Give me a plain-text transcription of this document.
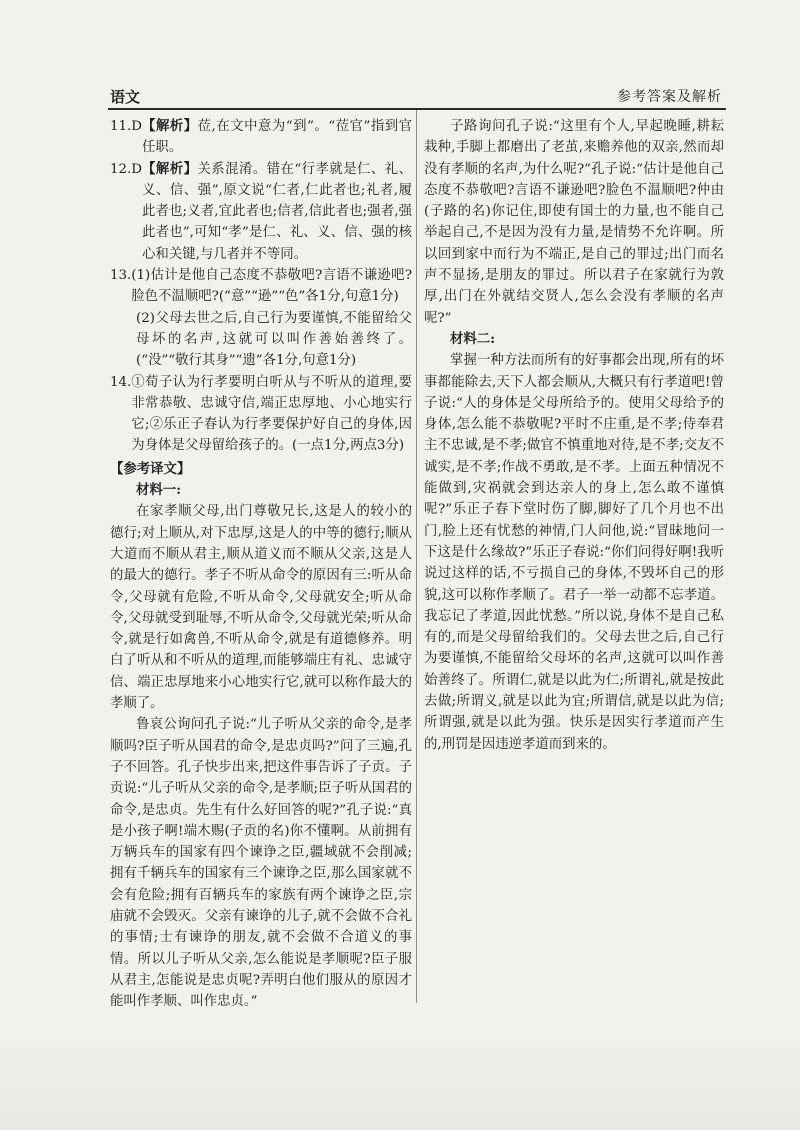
语文	参考答案及解析
11.D 【解析】莅,在文中意为“到”。“莅官”指到官任职。
12.D 【解析】关系混淆。错在“行孝就是仁、礼、义、信、强”,原文说“仁者,仁此者也;礼者,履此者也;义者,宜此者也;信者,信此者也;强者,强此者也”,可知“孝”是仁、礼、义、信、强的核心和关键,与几者并不等同。
13. (1)估计是他自己态度不恭敬吧?言语不谦逊吧?脸色不温顺吧?(“意”“逊”“色”各1分,句意1分)
(2)父母去世之后,自己行为要谨慎,不能留给父母坏的名声,这就可以叫作善始善终了。(“没”“敬行其身”“遗”各1分,句意1分)
14. ①荀子认为行孝要明白听从与不听从的道理,要非常恭敬、忠诚守信,端正忠厚地、小心地实行它;②乐正子春认为行孝要保护好自己的身体,因为身体是父母留给孩子的。(一点1分,两点3分)
【参考译文】
材料一:

在家孝顺父母,出门尊敬兄长,这是人的较小的德行;对上顺从,对下忠厚,这是人的中等的德行;顺从大道而不顺从君主,顺从道义而不顺从父亲,这是人的最大的德行。孝子不听从命令的原因有三:听从命令,父母就有危险,不听从命令,父母就安全;听从命令,父母就受到耻辱,不听从命令,父母就光荣;听从命令,就是行如禽兽,不听从命令,就是有道德修养。明白了听从和不听从的道理,而能够端庄有礼、忠诚守信、端正忠厚地来小心地实行它,就可以称作最大的孝顺了。

鲁哀公询问孔子说:“儿子听从父亲的命令,是孝顺吗?臣子听从国君的命令,是忠贞吗?”问了三遍,孔子不回答。孔子快步出来,把这件事告诉了子贡。子贡说:“儿子听从父亲的命令,是孝顺;臣子听从国君的命令,是忠贞。先生有什么好回答的呢?”孔子说:“真是小孩子啊!端木赐(子贡的名)你不懂啊。从前拥有万辆兵车的国家有四个谏诤之臣,疆域就不会削减;拥有千辆兵车的国家有三个谏诤之臣,那么国家就不会有危险;拥有百辆兵车的家族有两个谏诤之臣,宗庙就不会毁灭。父亲有谏诤的儿子,就不会做不合礼的事情;士有谏诤的朋友,就不会做不合道义的事情。所以儿子听从父亲,怎么能说是孝顺呢?臣子服从君主,怎能说是忠贞呢?弄明白他们服从的原因才能叫作孝顺、叫作忠贞。”

子路询问孔子说:“这里有个人,早起晚睡,耕耘栽种,手脚上都磨出了老茧,来赡养他的双亲,然而却没有孝顺的名声,为什么呢?”孔子说:“估计是他自己态度不恭敬吧?言语不谦逊吧?脸色不温顺吧?仲由(子路的名)你记住,即使有国士的力量,也不能自己举起自己,不是因为没有力量,是情势不允许啊。所以回到家中而行为不端正,是自己的罪过;出门而名声不显扬,是朋友的罪过。所以君子在家就行为敦厚,出门在外就结交贤人,怎么会没有孝顺的名声呢?”

材料二:

掌握一种方法而所有的好事都会出现,所有的坏事都能除去,天下人都会顺从,大概只有行孝道吧!曾子说:“人的身体是父母所给予的。使用父母给予的身体,怎么能不恭敬呢?平时不庄重,是不孝;侍奉君主不忠诚,是不孝;做官不慎重地对待,是不孝;交友不诚实,是不孝;作战不勇敢,是不孝。上面五种情况不能做到,灾祸就会到达亲人的身上,怎么敢不谨慎呢?”乐正子春下堂时伤了脚,脚好了几个月也不出门,脸上还有忧愁的神情,门人问他,说:“冒昧地问一下这是什么缘故?”乐正子春说:“你们问得好啊!我听说过这样的话,不亏损自己的身体,不毁坏自己的形貌,这可以称作孝顺了。君子一举一动都不忘孝道。我忘记了孝道,因此忧愁。”所以说,身体不是自己私有的,而是父母留给我们的。父母去世之后,自己行为要谨慎,不能留给父母坏的名声,这就可以叫作善始善终了。所谓仁,就是以此为仁;所谓礼,就是按此去做;所谓义,就是以此为宜;所谓信,就是以此为信;所谓强,就是以此为强。快乐是因实行孝道而产生的,刑罚是因违逆孝道而到来的。
